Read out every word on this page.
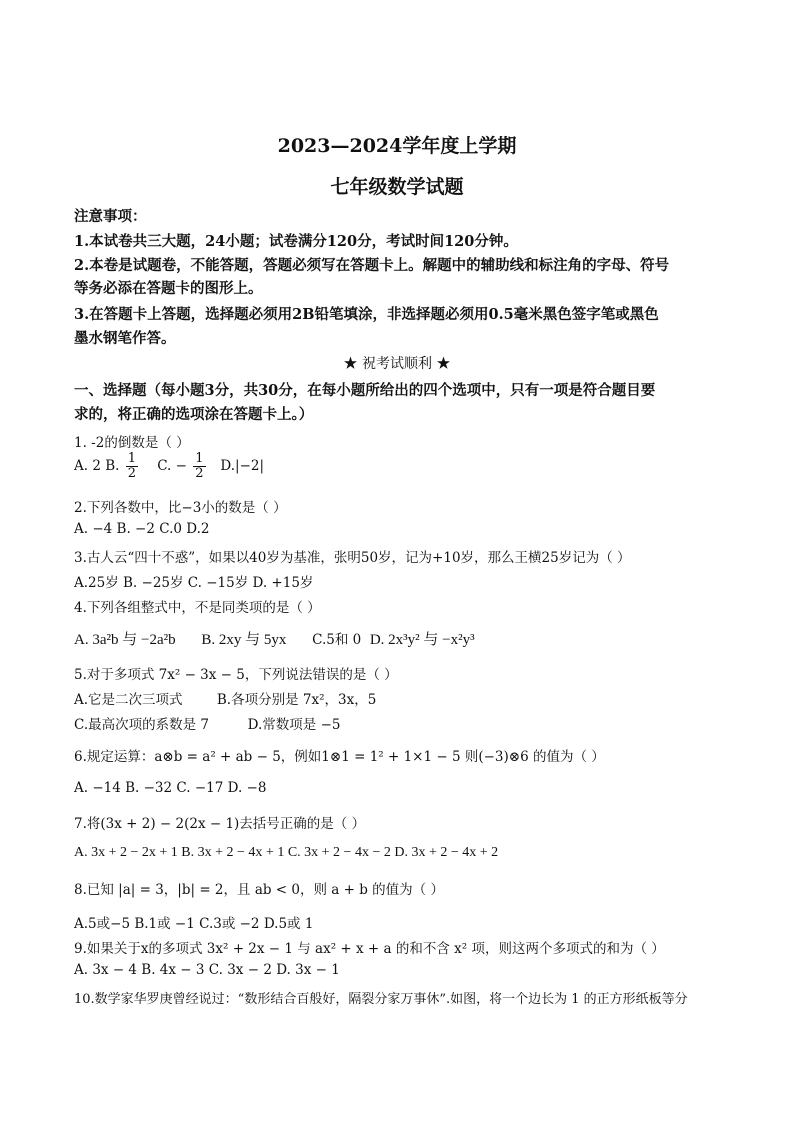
2023—2024学年度上学期
七年级数学试题
注意事项：
1.本试卷共三大题，24小题；试卷满分120分，考试时间120分钟。
2.本卷是试题卷，不能答题，答题必须写在答题卡上。解题中的辅助线和标注角的字母、符号
等务必添在答题卡的图形上。
3.在答题卡上答题，选择题必须用2B铅笔填涂，非选择题必须用0.5毫米黑色签字笔或黑色
墨水钢笔作答。
★ 祝考试顺利 ★
一、选择题（每小题3分，共30分，在每小题所给出的四个选项中，只有一项是符合题目要
求的，将正确的选项涂在答题卡上。）
1. -2的倒数是（ ）
A. 2 B. $\frac{1}{2} C$. − $\frac{1}{2} D.|-2|$
2.下列各数中，比−3小的数是（ ）
A. −4 B. −2 C.0 D.2
3.古人云“四十不惑”，如果以40岁为基准，张明50岁，记为+10岁，那么王横25岁记为（ ）
A.25岁 B. −25岁 C. −15岁 D. +15岁
4.下列各组整式中，不是同类项的是（ ）
A. 3a²b 与 −2a²b B. 2xy 与 5yx C.5和 0 D. 2x³y² 与 −x²y³
5.对于多项式 7x² − 3x − 5，下列说法错误的是（ ）
A.它是二次三项式	B.各项分别是 7x²，3x，5
C.最高次项的系数是 7	D.常数项是 −5
6.规定运算：a⊗b = a² + ab − 5，例如1⊗1 = 1² + 1×1 − 5 则(−3)⊗6 的值为（ ）
A. −14 B. −32 C. −17 D. −8
7.将(3x + 2) − 2(2x − 1)去括号正确的是（ ）
A. 3x + 2 − 2x + 1 B. 3x + 2 − 4x + 1 C. 3x + 2 − 4x − 2 D. 3x + 2 − 4x + 2
8.已知 |a| = 3，|b| = 2，且 ab < 0，则 a + b 的值为（ ）
A.5或−5 B.1或 −1 C.3或 −2 D.5或 1
9.如果关于x的多项式 3x² + 2x − 1 与 ax² + x + a 的和不含 x² 项，则这两个多项式的和为（ ）
A. 3x − 4 B. 4x − 3 C. 3x − 2 D. 3x − 1
10.数学家华罗庚曾经说过：“数形结合百般好，隔裂分家万事休”.如图，将一个边长为 1 的正方形纸板等分
